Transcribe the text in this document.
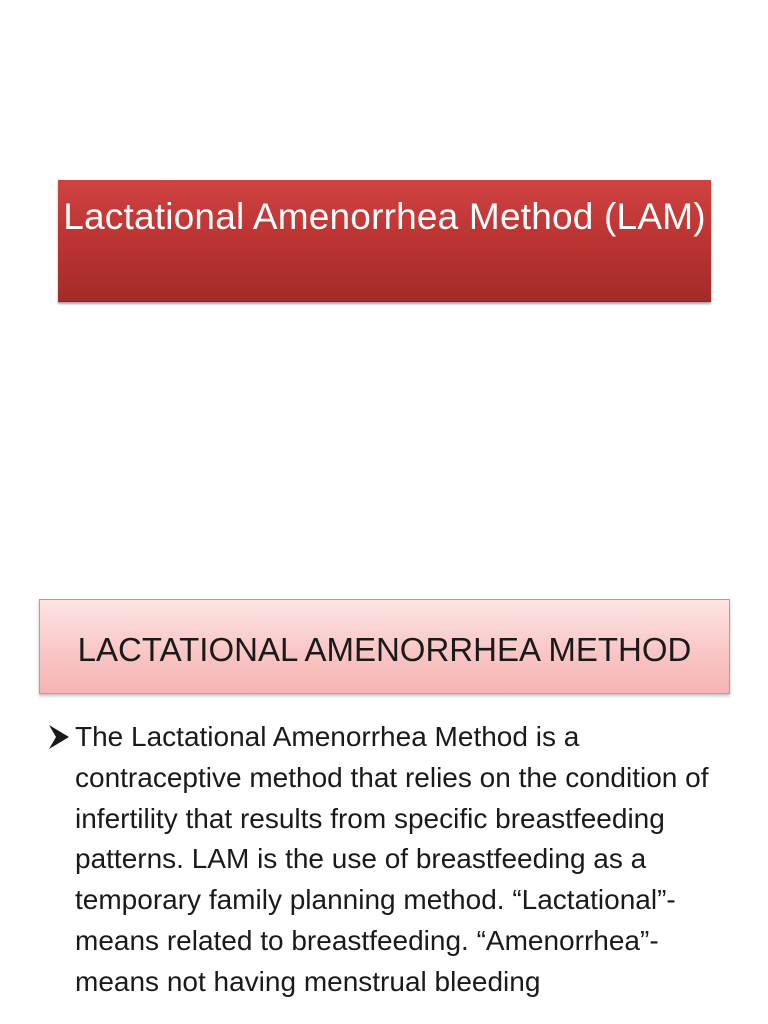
Lactational Amenorrhea Method (LAM)
LACTATIONAL AMENORRHEA METHOD
The Lactational Amenorrhea Method is a contraceptive method that relies on the condition of infertility that results from specific breastfeeding patterns. LAM is the use of breastfeeding as a temporary family planning method. “Lactational”- means related to breastfeeding. “Amenorrhea”- means not having menstrual bleeding
